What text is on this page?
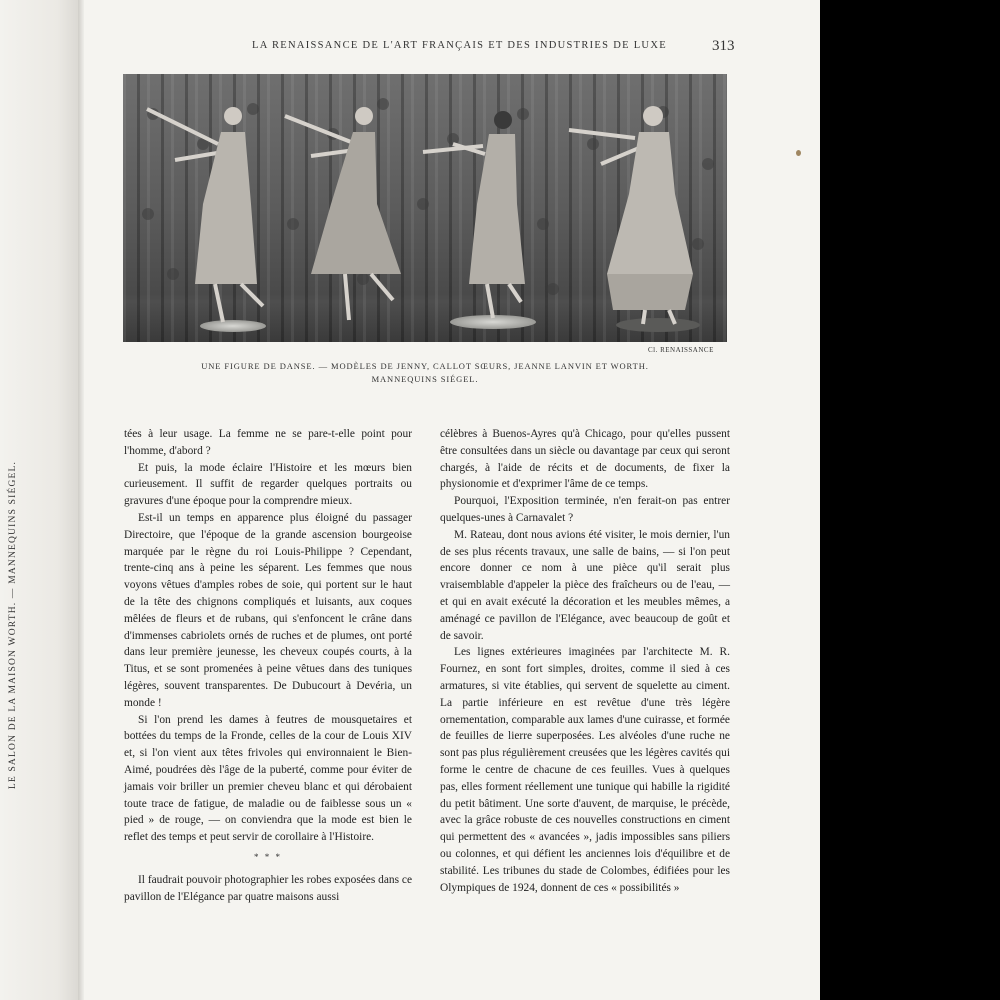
LE SALON DE LA MAISON WORTH. — MANNEQUINS SIÉGEL.
LA RENAISSANCE DE L'ART FRANÇAIS ET DES INDUSTRIES DE LUXE	313
Cl. RENAISSANCE
UNE FIGURE DE DANSE. — MODÈLES DE JENNY, CALLOT SŒURS, JEANNE LANVIN ET WORTH.
MANNEQUINS SIÉGEL.

tées à leur usage. La femme ne se pare-t-elle point pour l'homme, d'abord ?

Et puis, la mode éclaire l'Histoire et les mœurs bien curieusement. Il suffit de regarder quelques portraits ou gravures d'une époque pour la comprendre mieux.

Est-il un temps en apparence plus éloigné du passager Directoire, que l'époque de la grande ascension bourgeoise marquée par le règne du roi Louis-Philippe ? Cependant, trente-cinq ans à peine les séparent. Les femmes que nous voyons vêtues d'amples robes de soie, qui portent sur le haut de la tête des chignons compliqués et luisants, aux coques mêlées de fleurs et de rubans, qui s'enfoncent le crâne dans d'immenses cabriolets ornés de ruches et de plumes, ont porté dans leur première jeunesse, les cheveux coupés courts, à la Titus, et se sont promenées à peine vêtues dans des tuniques légères, souvent transparentes. De Dubucourt à Devéria, un monde !

Si l'on prend les dames à feutres de mousquetaires et bottées du temps de la Fronde, celles de la cour de Louis XIV et, si l'on vient aux têtes frivoles qui environnaient le Bien-Aimé, poudrées dès l'âge de la puberté, comme pour éviter de jamais voir briller un premier cheveu blanc et qui dérobaient toute trace de fatigue, de maladie ou de faiblesse sous un « pied » de rouge, — on conviendra que la mode est bien le reflet des temps et peut servir de corollaire à l'Histoire.

* * *

Il faudrait pouvoir photographier les robes exposées dans ce pavillon de l'Elégance par quatre maisons aussi

célèbres à Buenos-Ayres qu'à Chicago, pour qu'elles pussent être consultées dans un siècle ou davantage par ceux qui seront chargés, à l'aide de récits et de documents, de fixer la physionomie et d'exprimer l'âme de ce temps.

Pourquoi, l'Exposition terminée, n'en ferait-on pas entrer quelques-unes à Carnavalet ?

M. Rateau, dont nous avions été visiter, le mois dernier, l'un de ses plus récents travaux, une salle de bains, — si l'on peut encore donner ce nom à une pièce qu'il serait plus vraisemblable d'appeler la pièce des fraîcheurs ou de l'eau, — et qui en avait exécuté la décoration et les meubles mêmes, a aménagé ce pavillon de l'Elégance, avec beaucoup de goût et de savoir.

Les lignes extérieures imaginées par l'architecte M. R. Fournez, en sont fort simples, droites, comme il sied à ces armatures, si vite établies, qui servent de squelette au ciment. La partie inférieure en est revêtue d'une très légère ornementation, comparable aux lames d'une cuirasse, et formée de feuilles de lierre superposées. Les alvéoles d'une ruche ne sont pas plus régulièrement creusées que les légères cavités qui forme le centre de chacune de ces feuilles. Vues à quelques pas, elles forment réellement une tunique qui habille la rigidité du petit bâtiment. Une sorte d'auvent, de marquise, le précède, avec la grâce robuste de ces nouvelles constructions en ciment qui permettent des « avancées », jadis impossibles sans piliers ou colonnes, et qui défient les anciennes lois d'équilibre et de stabilité. Les tribunes du stade de Colombes, édifiées pour les Olympiques de 1924, donnent de ces « possibilités »
